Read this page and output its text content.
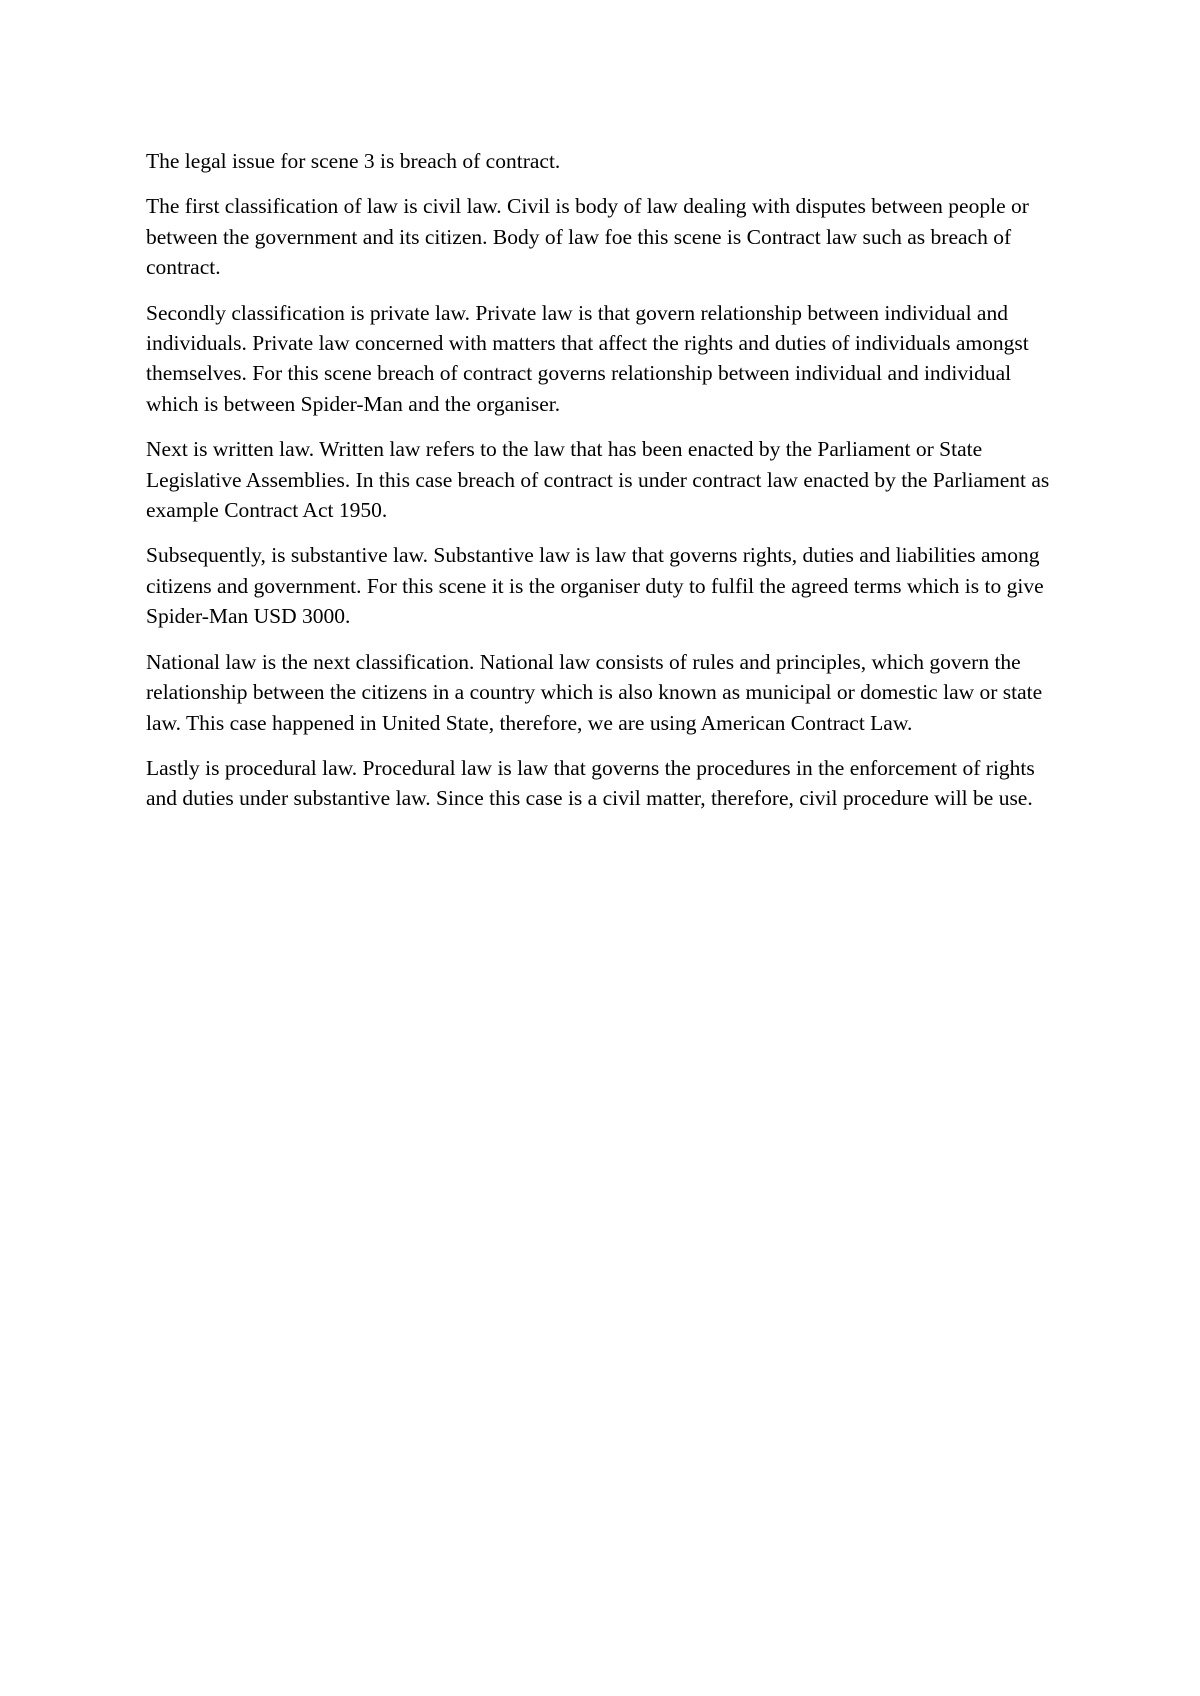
The legal issue for scene 3 is breach of contract.

The first classification of law is civil law. Civil is body of law dealing with disputes between people or between the government and its citizen. Body of law foe this scene is Contract law such as breach of contract.

Secondly classification is private law. Private law is that govern relationship between individual and individuals. Private law concerned with matters that affect the rights and duties of individuals amongst themselves. For this scene breach of contract governs relationship between individual and individual which is between Spider-Man and the organiser.

Next is written law. Written law refers to the law that has been enacted by the Parliament or State Legislative Assemblies. In this case breach of contract is under contract law enacted by the Parliament as example Contract Act 1950.

Subsequently, is substantive law. Substantive law is law that governs rights, duties and liabilities among citizens and government. For this scene it is the organiser duty to fulfil the agreed terms which is to give Spider-Man USD 3000.

National law is the next classification. National law consists of rules and principles, which govern the relationship between the citizens in a country which is also known as municipal or domestic law or state law. This case happened in United State, therefore, we are using American Contract Law.

Lastly is procedural law. Procedural law is law that governs the procedures in the enforcement of rights and duties under substantive law. Since this case is a civil matter, therefore, civil procedure will be use.
